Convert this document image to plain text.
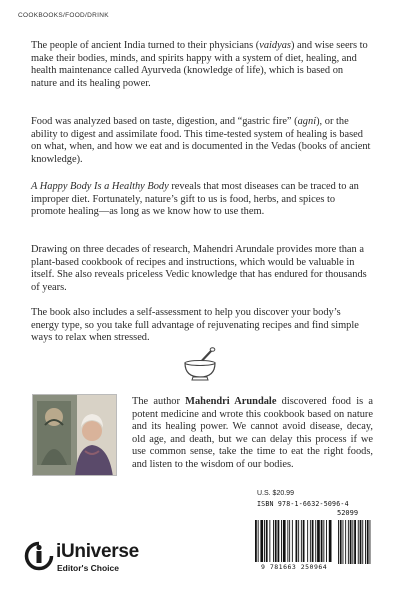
COOKBOOKS/FOOD/DRINK

The people of ancient India turned to their physicians (vaidyas) and wise seers to make their bodies, minds, and spirits happy with a system of diet, healing, and health maintenance called Ayurveda (knowledge of life), which is based on nature and its healing power.

Food was analyzed based on taste, digestion, and “gastric fire” (agni), or the ability to digest and assimilate food. This time-tested system of healing is based on what, when, and how we eat and is documented in the Vedas (books of ancient knowledge).

A Happy Body Is a Healthy Body reveals that most diseases can be traced to an improper diet. Fortunately, nature’s gift to us is food, herbs, and spices to promote healing—as long as we know how to use them.

Drawing on three decades of research, Mahendri Arundale provides more than a plant-based cookbook of recipes and instructions, which would be valuable in itself. She also reveals priceless Vedic knowledge that has endured for thousands of years.

The book also includes a self-assessment to help you discover your body’s energy type, so you take full advantage of rejuvenating recipes and find simple ways to relax when stressed.

The author Mahendri Arundale discovered food is a potent medicine and wrote this cookbook based on nature and its healing power. We cannot avoid disease, decay, old age, and death, but we can delay this process if we use common sense, take the time to eat the right foods, and listen to the wisdom of our bodies.

U.S. $20.99
ISBN 978-1-6632-5096-4
52099
9 781663 250964
iUniverse
Editor's Choice
